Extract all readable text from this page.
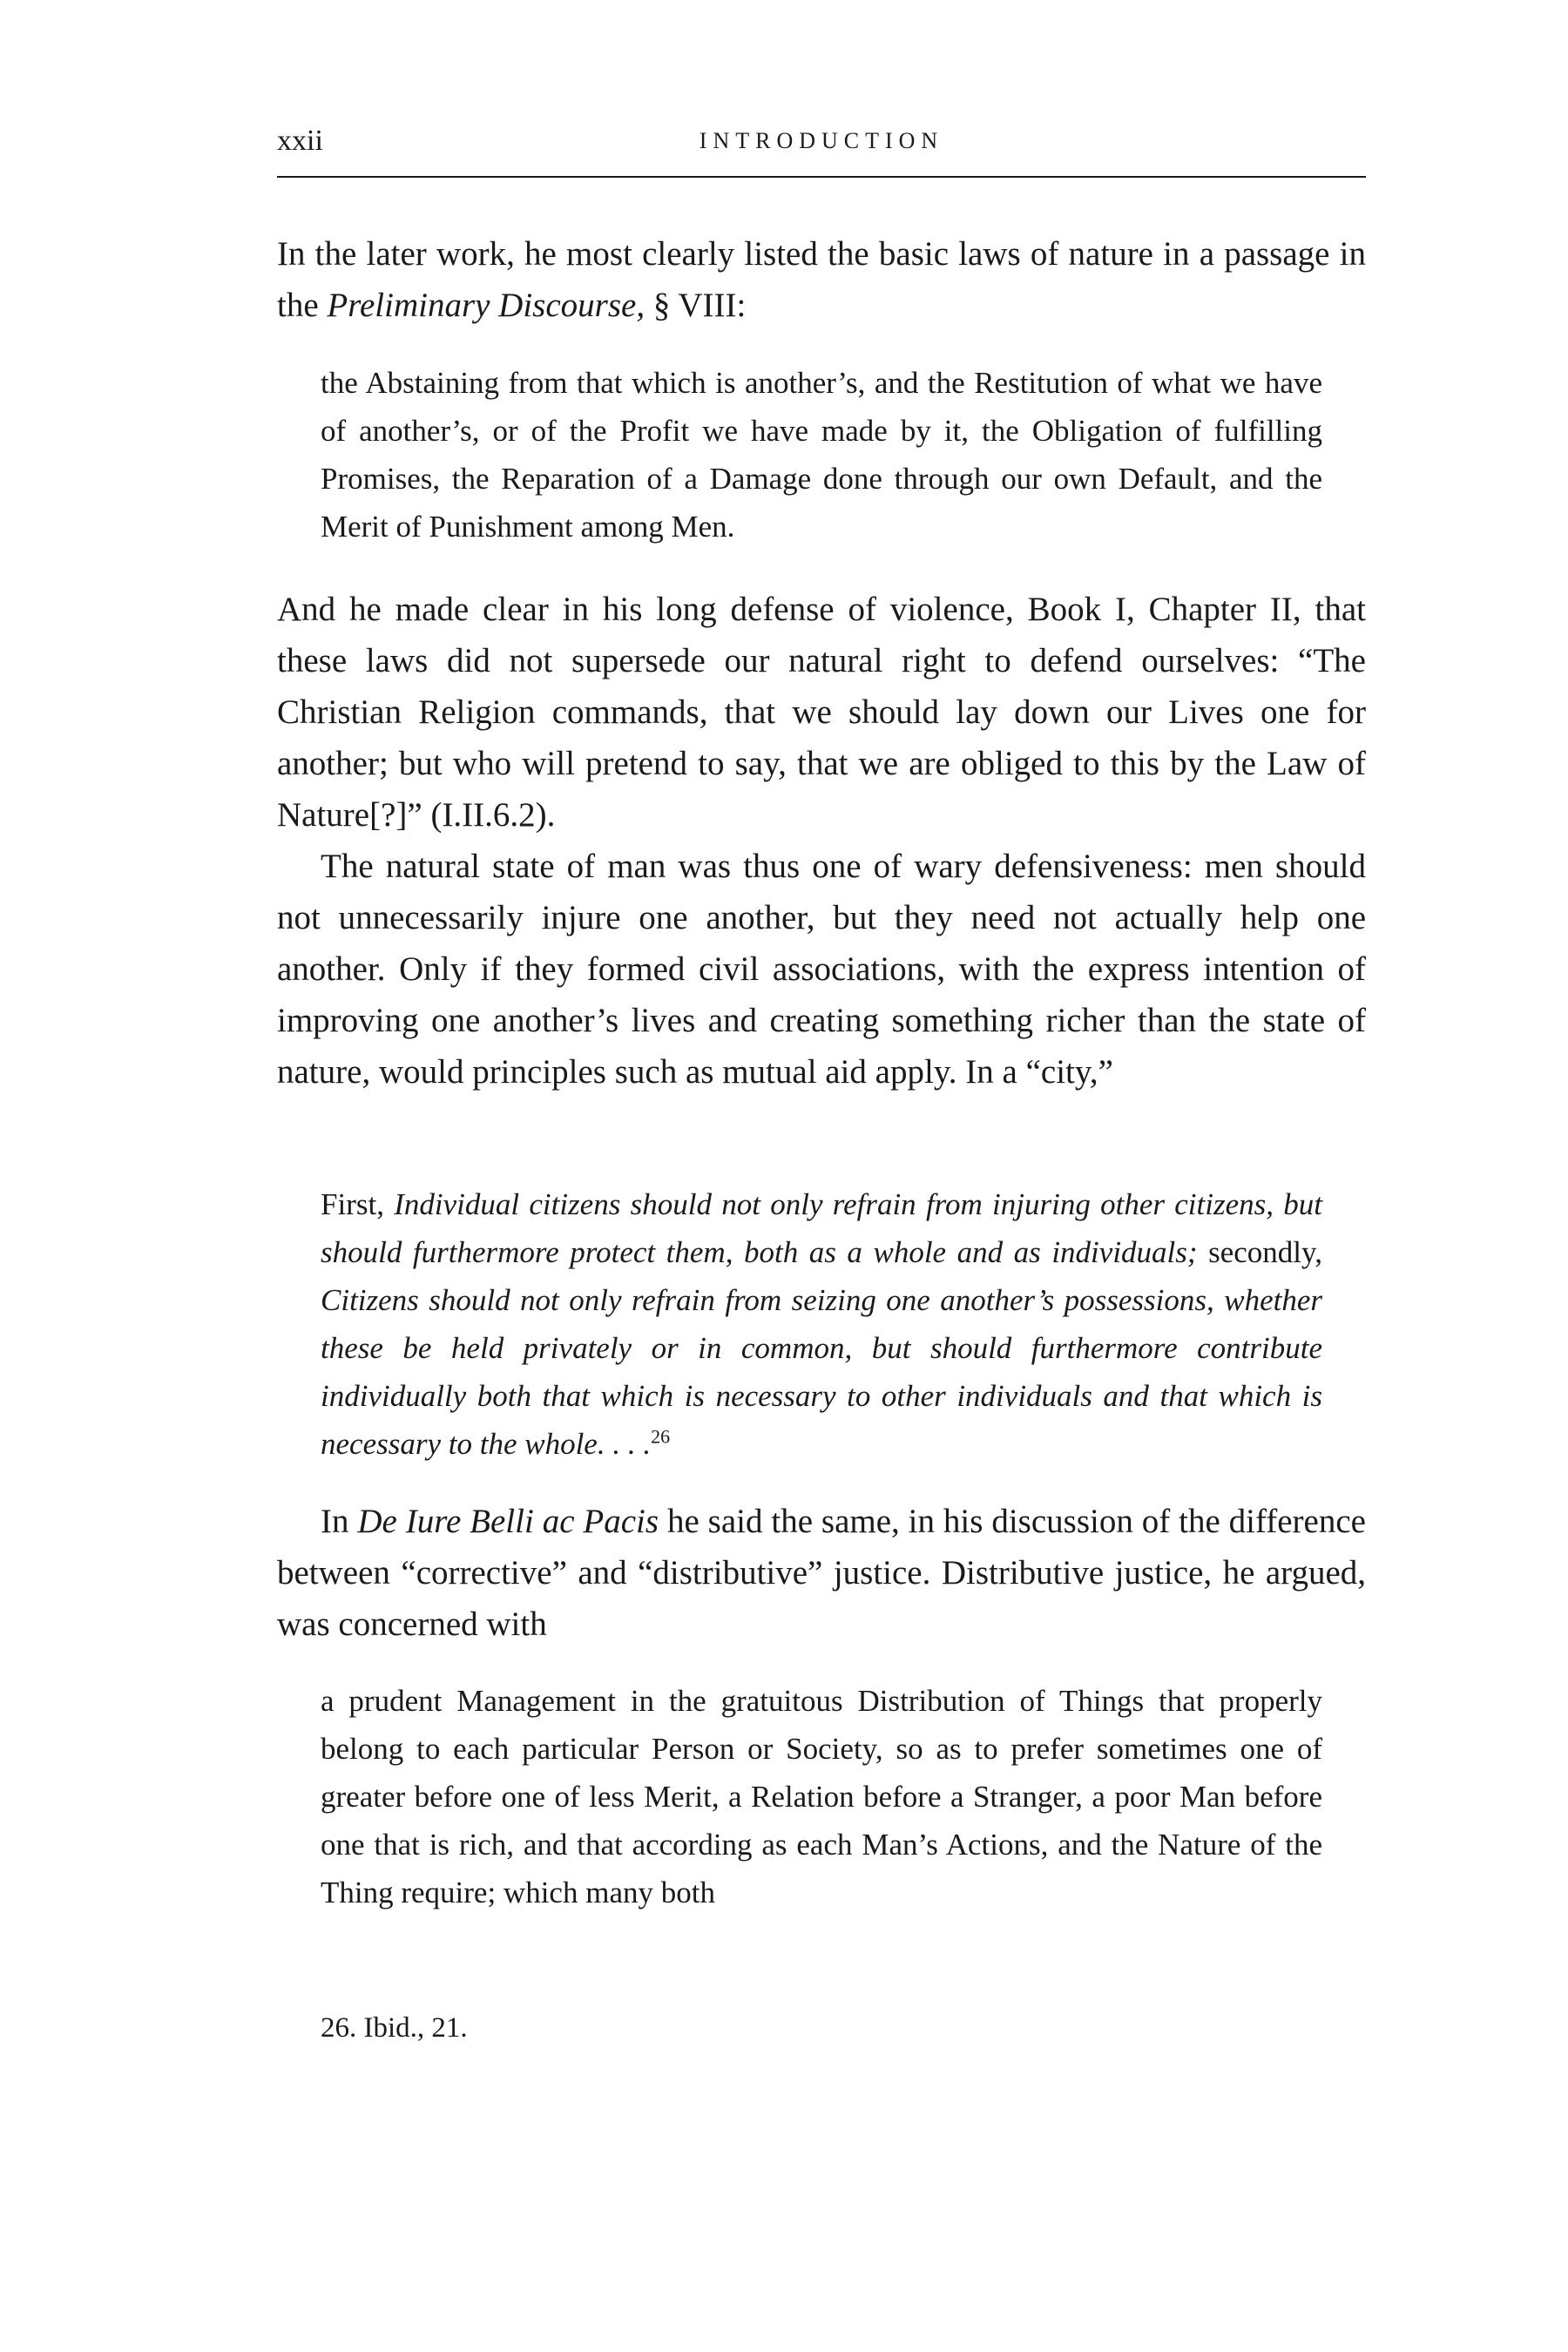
xxii	INTRODUCTION

In the later work, he most clearly listed the basic laws of nature in a passage in the Preliminary Discourse, § VIII:

the Abstaining from that which is another’s, and the Restitution of what we have of another’s, or of the Profit we have made by it, the Obligation of fulfilling Promises, the Reparation of a Damage done through our own Default, and the Merit of Punishment among Men.

And he made clear in his long defense of violence, Book I, Chapter II, that these laws did not supersede our natural right to defend ourselves: “The Christian Religion commands, that we should lay down our Lives one for another; but who will pretend to say, that we are obliged to this by the Law of Nature[?]” (I.II.6.2).

The natural state of man was thus one of wary defensiveness: men should not unnecessarily injure one another, but they need not actually help one another. Only if they formed civil associations, with the express intention of improving one another’s lives and creating something richer than the state of nature, would principles such as mutual aid apply. In a “city,”

First, Individual citizens should not only refrain from injuring other citizens, but should furthermore protect them, both as a whole and as individuals; secondly, Citizens should not only refrain from seizing one another’s possessions, whether these be held privately or in common, but should furthermore contribute individually both that which is necessary to other individuals and that which is necessary to the whole. . . .$^{26}$

In De Iure Belli ac Pacis he said the same, in his discussion of the difference between “corrective” and “distributive” justice. Distributive justice, he argued, was concerned with

a prudent Management in the gratuitous Distribution of Things that properly belong to each particular Person or Society, so as to prefer sometimes one of greater before one of less Merit, a Relation before a Stranger, a poor Man before one that is rich, and that according as each Man’s Actions, and the Nature of the Thing require; which many both

26. Ibid., 21.
